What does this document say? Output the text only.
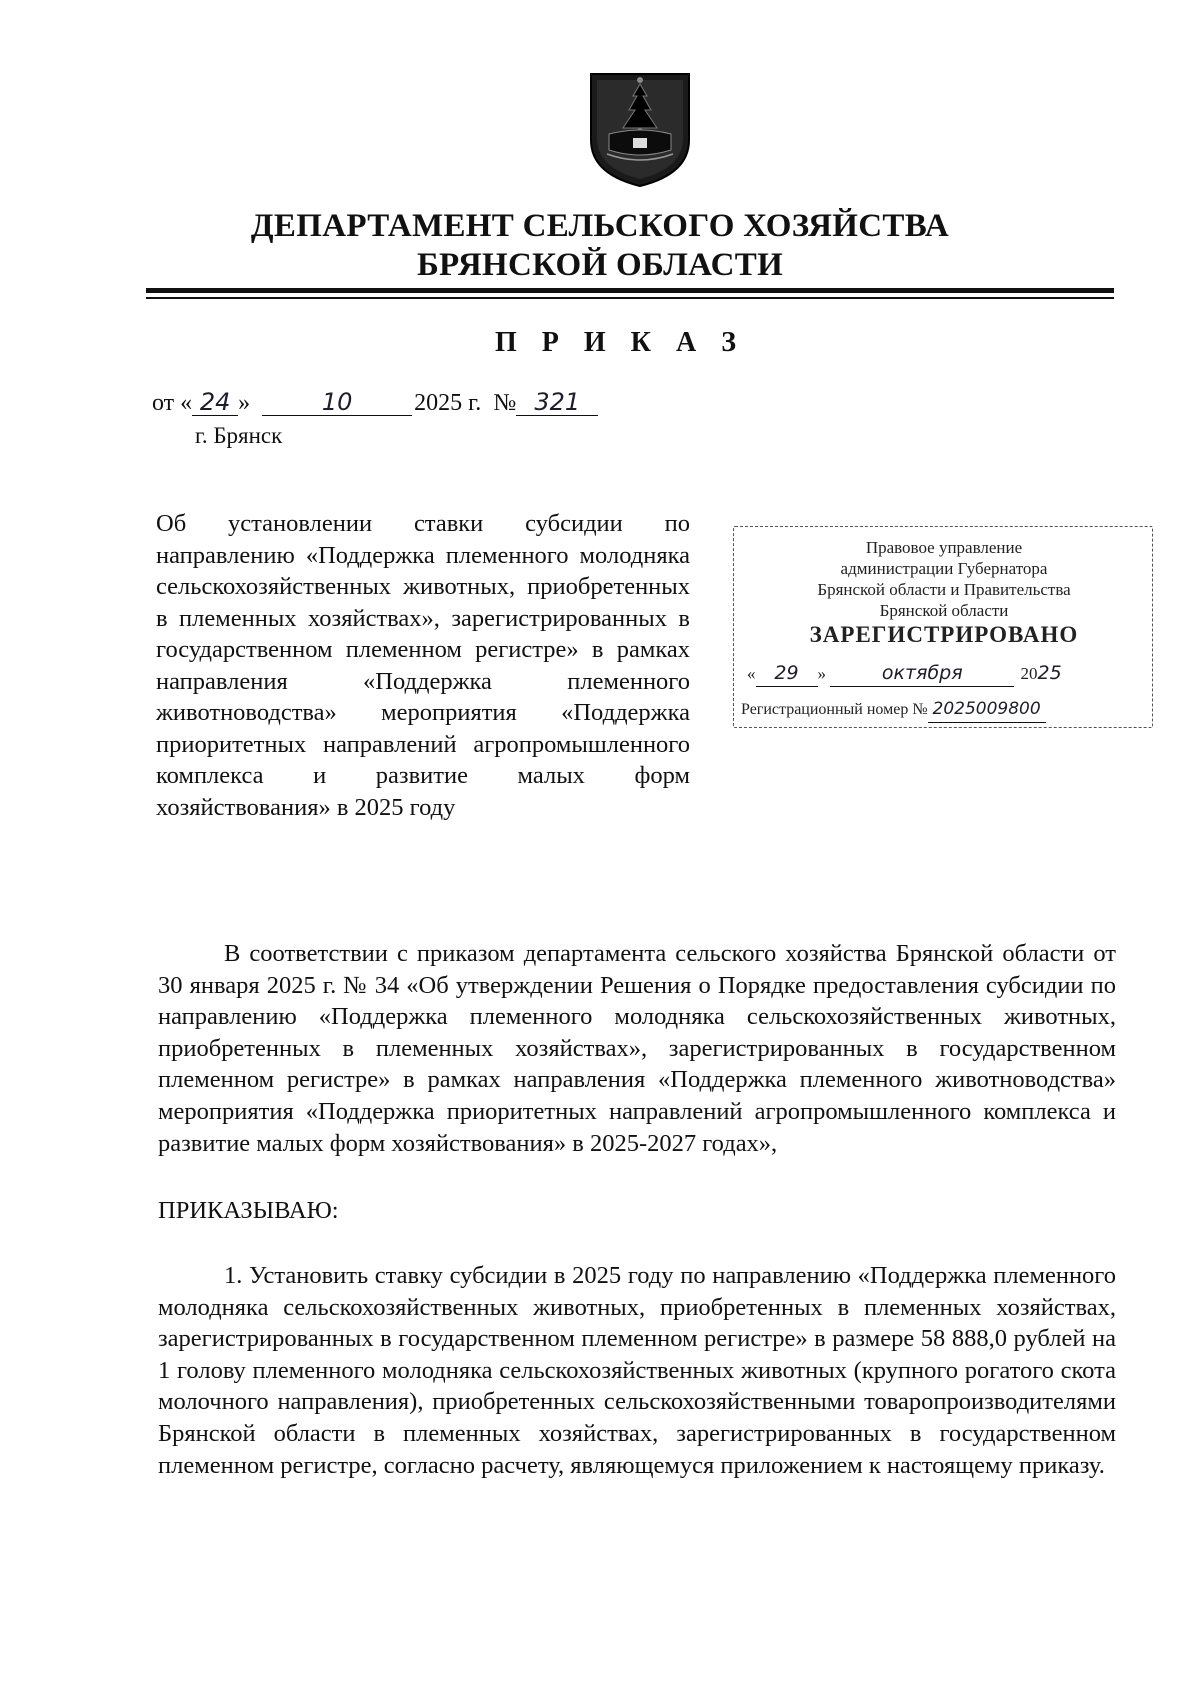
ДЕПАРТАМЕНТ СЕЛЬСКОГО ХОЗЯЙСТВА
БРЯНСКОЙ ОБЛАСТИ
П Р И К А З
от « 24 »	10	2025 г. № 321
г. Брянск
Об установлении ставки субсидии по направлению «Поддержка племенного молодняка сельскохозяйственных животных, приобретенных в племенных хозяйствах», зарегистрированных в государственном племенном регистре» в рамках направления «Поддержка племенного животноводства» мероприятия «Поддержка приоритетных направлений агропромышленного комплекса и развитие малых форм хозяйствования» в 2025 году
Правовое управление
администрации Губернатора
Брянской области и Правительства
Брянской области
ЗАРЕГИСТРИРОВАНО
« 29 »	октября	2025
Регистрационный номер № 2025009800
В соответствии с приказом департамента сельского хозяйства Брянской области от 30 января 2025 г. № 34 «Об утверждении Решения о Порядке предоставления субсидии по направлению «Поддержка племенного молодняка сельскохозяйственных животных, приобретенных в племенных хозяйствах», зарегистрированных в государственном племенном регистре» в рамках направления «Поддержка племенного животноводства» мероприятия «Поддержка приоритетных направлений агропромышленного комплекса и развитие малых форм хозяйствования» в 2025-2027 годах»,
ПРИКАЗЫВАЮ:
1. Установить ставку субсидии в 2025 году по направлению «Поддержка племенного молодняка сельскохозяйственных животных, приобретенных в племенных хозяйствах, зарегистрированных в государственном племенном регистре» в размере 58 888,0 рублей на 1 голову племенного молодняка сельскохозяйственных животных (крупного рогатого скота молочного направления), приобретенных сельскохозяйственными товаропроизводителями Брянской области в племенных хозяйствах, зарегистрированных в государственном племенном регистре, согласно расчету, являющемуся приложением к настоящему приказу.
